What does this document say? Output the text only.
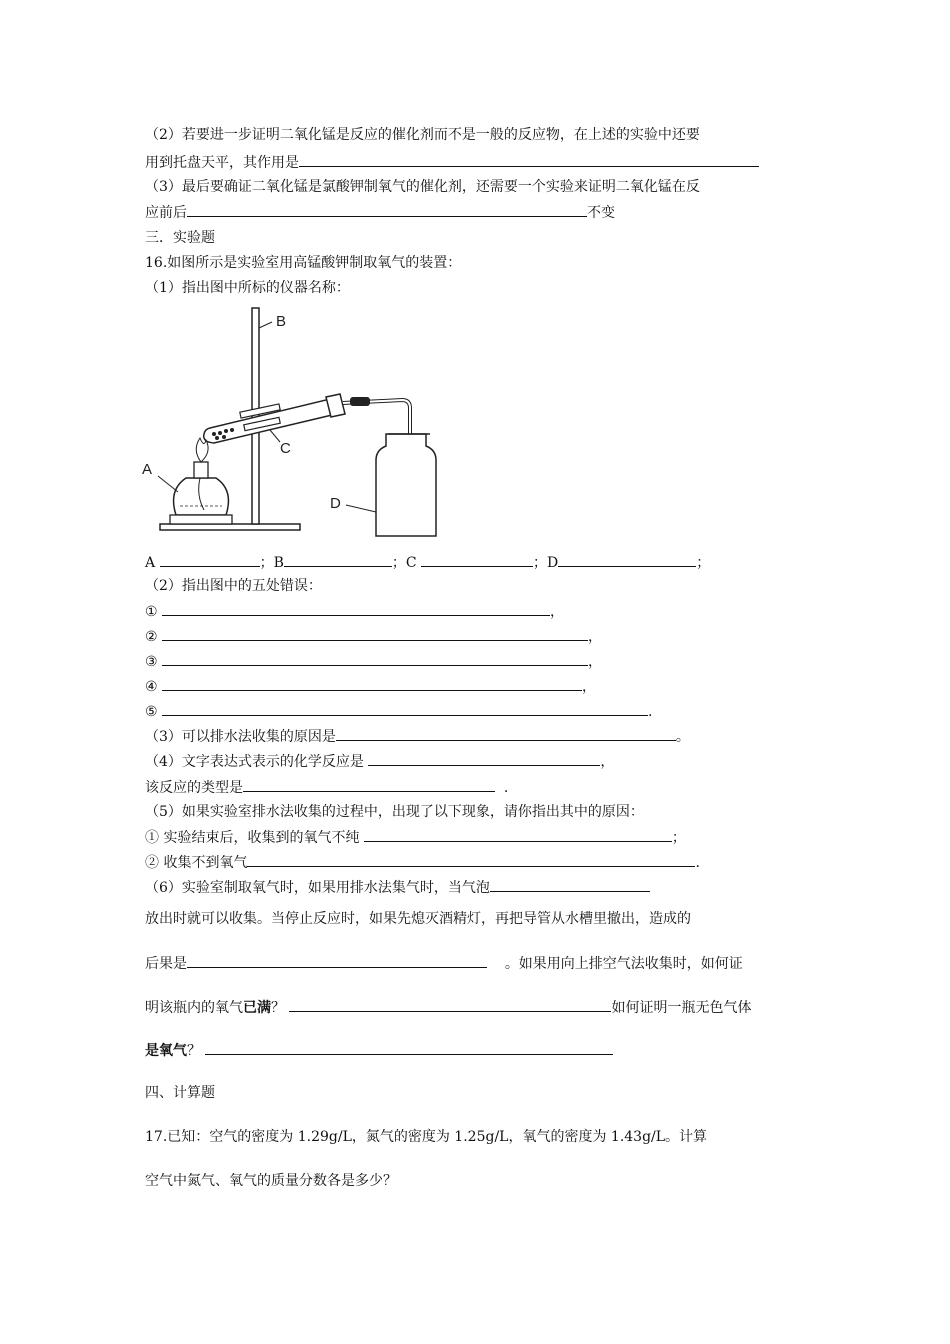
（2）若要进一步证明二氧化锰是反应的催化剂而不是一般的反应物，在上述的实验中还要
用到托盘天平，其作用是
（3）最后要确证二氧化锰是氯酸钾制氧气的催化剂，还需要一个实验来证明二氧化锰在反
应前后	不变
三．实验题
16.如图所示是实验室用高锰酸钾制取氧气的装置：
（1）指出图中所标的仪器名称：
B
C
D
A
A	；B	；C	；D	；
（2）指出图中的五处错误：
①	，
②	，
③	，
④	，
⑤	.
（3）可以排水法收集的原因是	。
（4）文字表达式表示的化学反应是	，
该反应的类型是	.
（5）如果实验室排水法收集的过程中，出现了以下现象，请你指出其中的原因：
① 实验结束后，收集到的氧气不纯	；
② 收集不到氧气	.
（6）实验室制取氧气时，如果用排水法集气时，当气泡
放出时就可以收集。当停止反应时，如果先熄灭酒精灯，再把导管从水槽里撤出，造成的
后果是	。如果用向上排空气法收集时，如何证
明该瓶内的氧气已满？	如何证明一瓶无色气体
是氧气？
四、计算题
17.已知：空气的密度为 1.29g/L，氮气的密度为 1.25g/L，氧气的密度为 1.43g/L。计算
空气中氮气、氧气的质量分数各是多少？
